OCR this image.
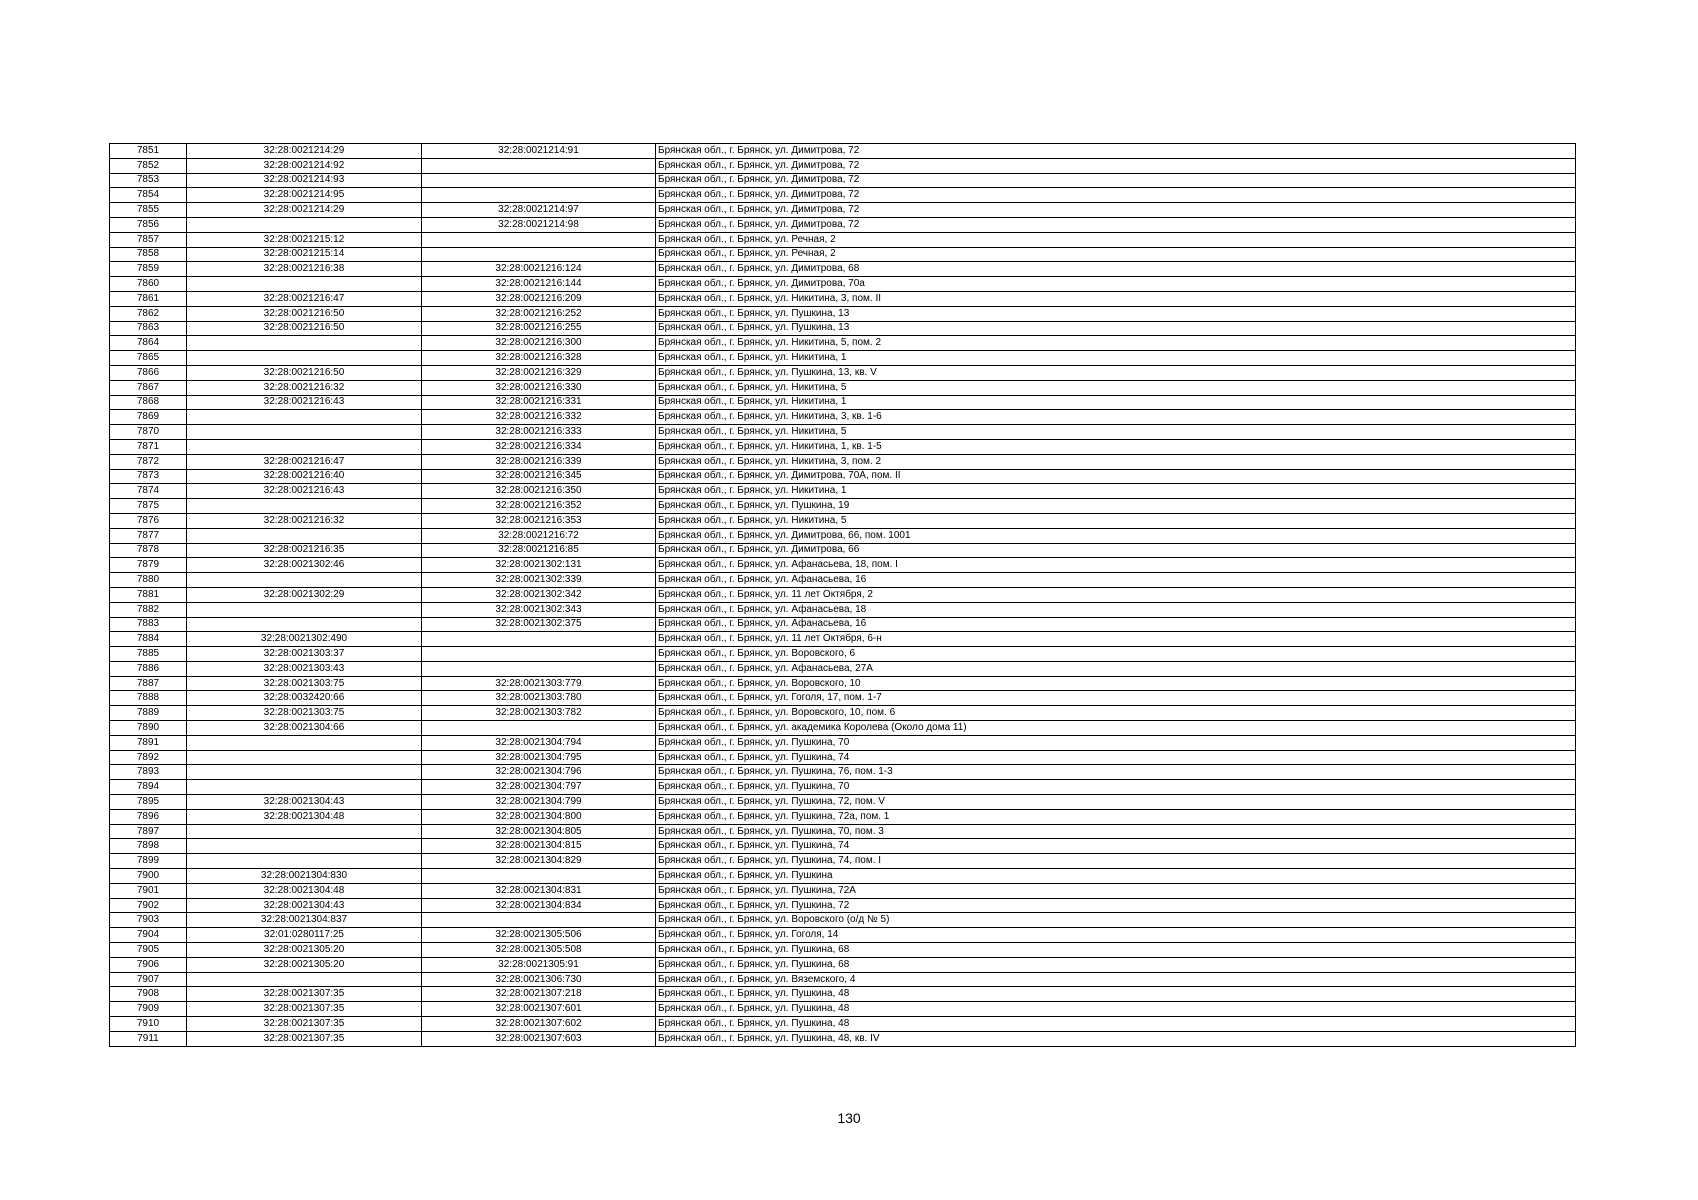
7851	32:28:0021214:29	32:28:0021214:91	Брянская обл., г. Брянск, ул. Димитрова, 72
7852	32:28:0021214:92		Брянская обл., г. Брянск, ул. Димитрова, 72
7853	32:28:0021214:93		Брянская обл., г. Брянск, ул. Димитрова, 72
7854	32:28:0021214:95		Брянская обл., г. Брянск, ул. Димитрова, 72
7855	32:28:0021214:29	32:28:0021214:97	Брянская обл., г. Брянск, ул. Димитрова, 72
7856		32:28:0021214:98	Брянская обл., г. Брянск, ул. Димитрова, 72
7857	32:28:0021215:12		Брянская обл., г. Брянск, ул. Речная, 2
7858	32:28:0021215:14		Брянская обл., г. Брянск, ул. Речная, 2
7859	32:28:0021216:38	32:28:0021216:124	Брянская обл., г. Брянск, ул. Димитрова, 68
7860		32:28:0021216:144	Брянская обл., г. Брянск, ул. Димитрова, 70а
7861	32:28:0021216:47	32:28:0021216:209	Брянская обл., г. Брянск, ул. Никитина, 3, пом. II
7862	32:28:0021216:50	32:28:0021216:252	Брянская обл., г. Брянск, ул. Пушкина, 13
7863	32:28:0021216:50	32:28:0021216:255	Брянская обл., г. Брянск, ул. Пушкина, 13
7864		32:28:0021216:300	Брянская обл., г. Брянск, ул. Никитина, 5, пом. 2
7865		32:28:0021216:328	Брянская обл., г. Брянск, ул. Никитина, 1
7866	32:28:0021216:50	32:28:0021216:329	Брянская обл., г. Брянск, ул. Пушкина, 13, кв. V
7867	32:28:0021216:32	32:28:0021216:330	Брянская обл., г. Брянск, ул. Никитина, 5
7868	32:28:0021216:43	32:28:0021216:331	Брянская обл., г. Брянск, ул. Никитина, 1
7869		32:28:0021216:332	Брянская обл., г. Брянск, ул. Никитина, 3, кв. 1-6
7870		32:28:0021216:333	Брянская обл., г. Брянск, ул. Никитина, 5
7871		32:28:0021216:334	Брянская обл., г. Брянск, ул. Никитина, 1, кв. 1-5
7872	32:28:0021216:47	32:28:0021216:339	Брянская обл., г. Брянск, ул. Никитина, 3, пом. 2
7873	32:28:0021216:40	32:28:0021216:345	Брянская обл., г. Брянск, ул. Димитрова, 70А, пом. II
7874	32:28:0021216:43	32:28:0021216:350	Брянская обл., г. Брянск, ул. Никитина, 1
7875		32:28:0021216:352	Брянская обл., г. Брянск, ул. Пушкина, 19
7876	32:28:0021216:32	32:28:0021216:353	Брянская обл., г. Брянск, ул. Никитина, 5
7877		32:28:0021216:72	Брянская обл., г. Брянск, ул. Димитрова, 66, пом. 1001
7878	32:28:0021216:35	32:28:0021216:85	Брянская обл., г. Брянск, ул. Димитрова, 66
7879	32:28:0021302:46	32:28:0021302:131	Брянская обл., г. Брянск, ул. Афанасьева, 18, пом. I
7880		32:28:0021302:339	Брянская обл., г. Брянск, ул. Афанасьева, 16
7881	32:28:0021302:29	32:28:0021302:342	Брянская обл., г. Брянск, ул. 11 лет Октября, 2
7882		32:28:0021302:343	Брянская обл., г. Брянск, ул. Афанасьева, 18
7883		32:28:0021302:375	Брянская обл., г. Брянск, ул. Афанасьева, 16
7884	32:28:0021302:490		Брянская обл., г. Брянск, ул. 11 лет Октября, 6-н
7885	32:28:0021303:37		Брянская обл., г. Брянск, ул. Воровского, 6
7886	32:28:0021303:43		Брянская обл., г. Брянск, ул. Афанасьева, 27А
7887	32:28:0021303:75	32:28:0021303:779	Брянская обл., г. Брянск, ул. Воровского, 10
7888	32:28:0032420:66	32:28:0021303:780	Брянская обл., г. Брянск, ул. Гоголя, 17, пом. 1-7
7889	32:28:0021303:75	32:28:0021303:782	Брянская обл., г. Брянск, ул. Воровского, 10, пом. 6
7890	32:28:0021304:66		Брянская обл., г. Брянск, ул. академика Королева (Около дома 11)
7891		32:28:0021304:794	Брянская обл., г. Брянск, ул. Пушкина, 70
7892		32:28:0021304:795	Брянская обл., г. Брянск, ул. Пушкина, 74
7893		32:28:0021304:796	Брянская обл., г. Брянск, ул. Пушкина, 76, пом. 1-3
7894		32:28:0021304:797	Брянская обл., г. Брянск, ул. Пушкина, 70
7895	32:28:0021304:43	32:28:0021304:799	Брянская обл., г. Брянск, ул. Пушкина, 72, пом. V
7896	32:28:0021304:48	32:28:0021304:800	Брянская обл., г. Брянск, ул. Пушкина, 72а, пом. 1
7897		32:28:0021304:805	Брянская обл., г. Брянск, ул. Пушкина, 70, пом. 3
7898		32:28:0021304:815	Брянская обл., г. Брянск, ул. Пушкина, 74
7899		32:28:0021304:829	Брянская обл., г. Брянск, ул. Пушкина, 74, пом. I
7900	32:28:0021304:830		Брянская обл., г. Брянск, ул. Пушкина
7901	32:28:0021304:48	32:28:0021304:831	Брянская обл., г. Брянск, ул. Пушкина, 72А
7902	32:28:0021304:43	32:28:0021304:834	Брянская обл., г. Брянск, ул. Пушкина, 72
7903	32:28:0021304:837		Брянская обл., г. Брянск, ул. Воровского (о/д № 5)
7904	32:01:0280117:25	32:28:0021305:506	Брянская обл., г. Брянск, ул. Гоголя, 14
7905	32:28:0021305:20	32:28:0021305:508	Брянская обл., г. Брянск, ул. Пушкина, 68
7906	32:28:0021305:20	32:28:0021305:91	Брянская обл., г. Брянск, ул. Пушкина, 68
7907		32:28:0021306:730	Брянская обл., г. Брянск, ул. Вяземского, 4
7908	32:28:0021307:35	32:28:0021307:218	Брянская обл., г. Брянск, ул. Пушкина, 48
7909	32:28:0021307:35	32:28:0021307:601	Брянская обл., г. Брянск, ул. Пушкина, 48
7910	32:28:0021307:35	32:28:0021307:602	Брянская обл., г. Брянск, ул. Пушкина, 48
7911	32:28:0021307:35	32:28:0021307:603	Брянская обл., г. Брянск, ул. Пушкина, 48, кв. IV
130
